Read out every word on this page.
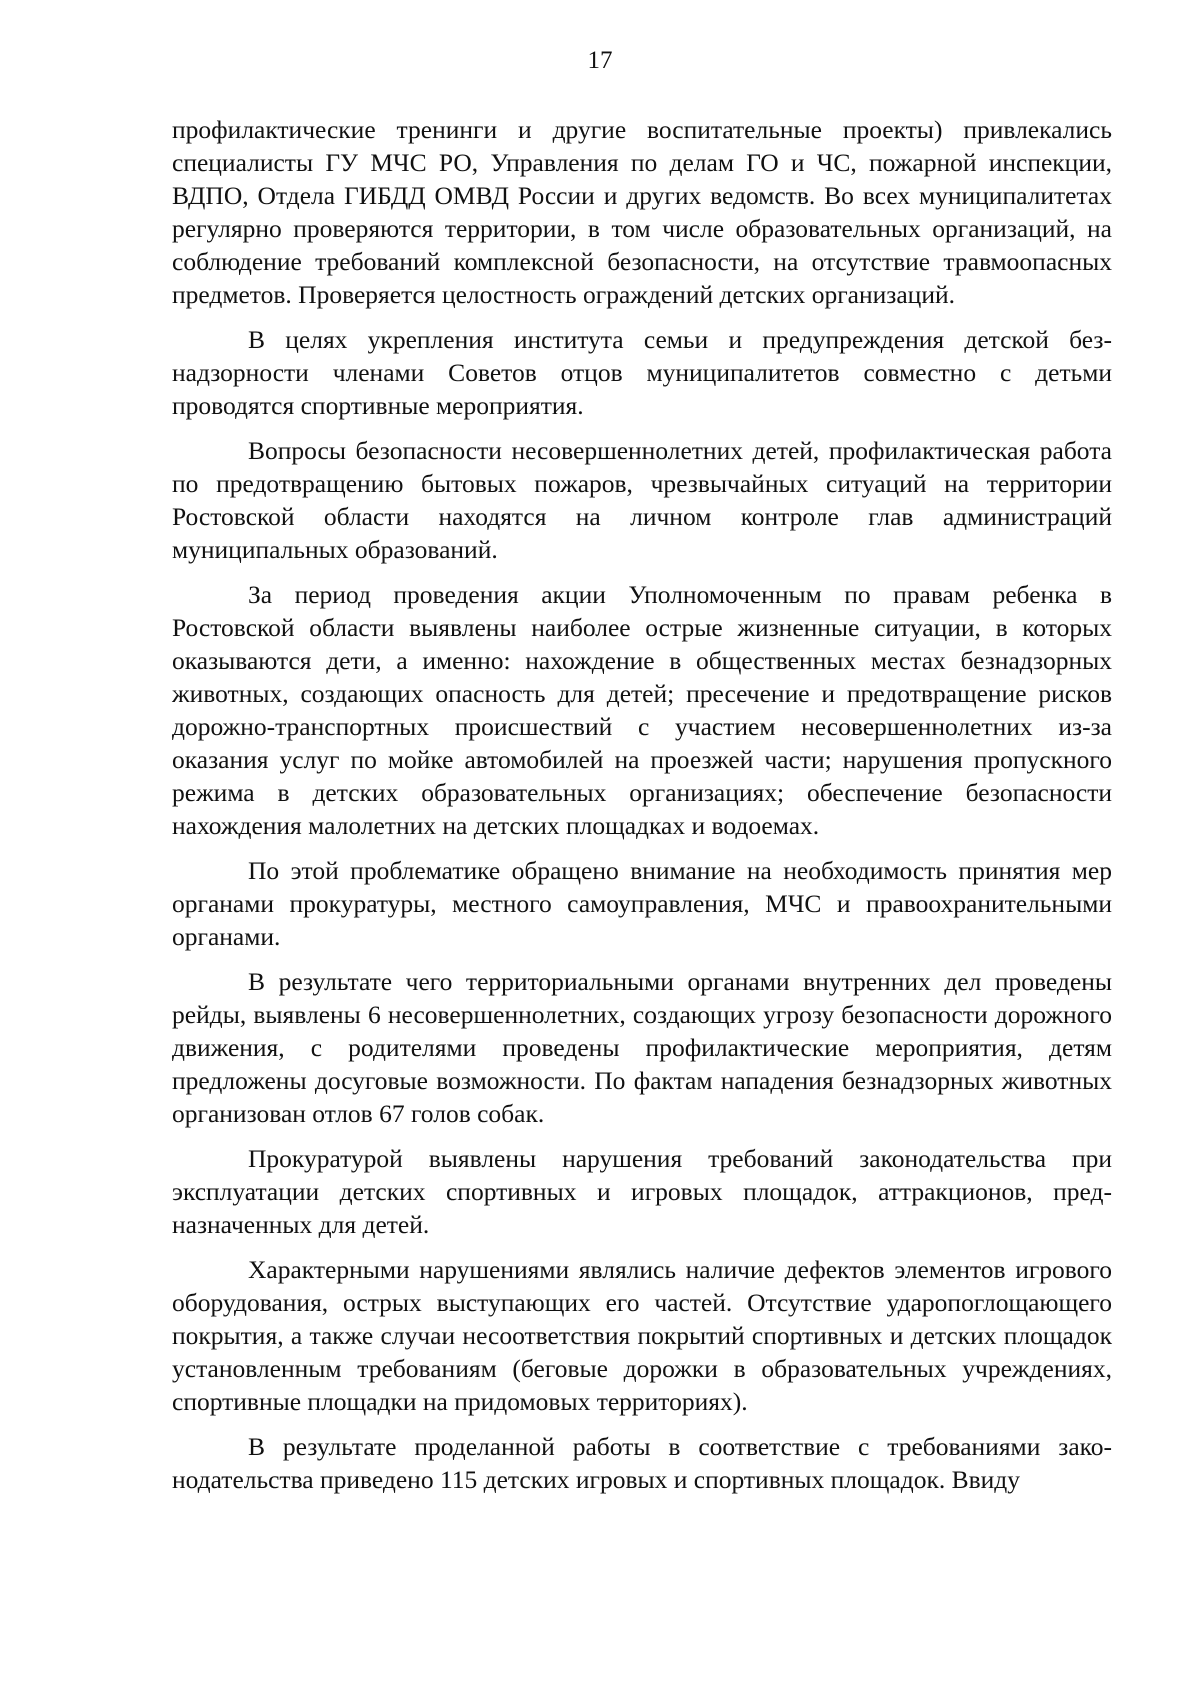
17

профилактические тренинги и другие воспитательные проекты) привлекались специалисты ГУ МЧС РО, Управления по делам ГО и ЧС, пожарной инспекции, ВДПО, Отдела ГИБДД ОМВД России и других ведомств. Во всех муниципалитетах регулярно проверяются территории, в том числе образовательных организаций, на соблюдение требований комплексной безопасности, на отсутствие травмоопасных предметов. Проверяется целостность ограждений детских организаций.

В целях укрепления института семьи и предупреждения детской безнадзорности членами Советов отцов муниципалитетов совместно с детьми проводятся спортивные мероприятия.

Вопросы безопасности несовершеннолетних детей, профилактическая работа по предотвращению бытовых пожаров, чрезвычайных ситуаций на территории Ростовской области находятся на личном контроле глав администраций муниципальных образований.

За период проведения акции Уполномоченным по правам ребенка в Ростовской области выявлены наиболее острые жизненные ситуации, в которых оказываются дети, а именно: нахождение в общественных местах безнадзорных животных, создающих опасность для детей; пресечение и предотвращение рисков дорожно-транспортных происшествий с участием несовершеннолетних из-за оказания услуг по мойке автомобилей на проезжей части; нарушения пропускного режима в детских образовательных организациях; обеспечение безопасности нахождения малолетних на детских площадках и водоемах.

По этой проблематике обращено внимание на необходимость принятия мер органами прокуратуры, местного самоуправления, МЧС и правоохранительными органами.

В результате чего территориальными органами внутренних дел проведены рейды, выявлены 6 несовершеннолетних, создающих угрозу безопасности дорожного движения, с родителями проведены профилактические мероприятия, детям предложены досуговые возможности. По фактам нападения безнадзорных животных организован отлов 67 голов собак.

Прокуратурой выявлены нарушения требований законодательства при эксплуатации детских спортивных и игровых площадок, аттракционов, предназначенных для детей.

Характерными нарушениями являлись наличие дефектов элементов игрового оборудования, острых выступающих его частей. Отсутствие ударопоглощающего покрытия, а также случаи несоответствия покрытий спортивных и детских площадок установленным требованиям (беговые дорожки в образовательных учреждениях, спортивные площадки на придомовых территориях).

В результате проделанной работы в соответствие с требованиями законодательства приведено 115 детских игровых и спортивных площадок. Ввиду
